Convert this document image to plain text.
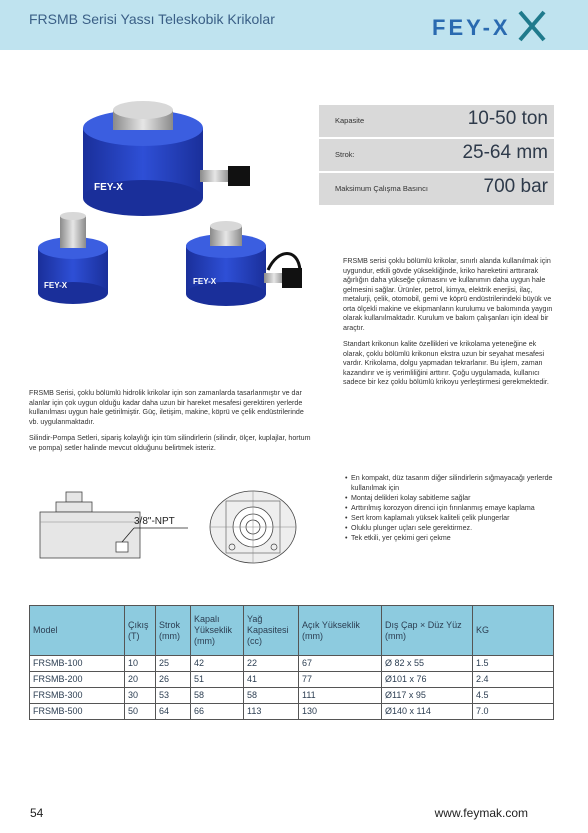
FRSMB Serisi Yassı Teleskobik Krikolar	FEY-X
FEY-X
FEY-X	FEY-X
Kapasite	10-50 ton
Strok:	25-64 mm
Maksimum Çalışma Basıncı	700 bar

FRSMB serisi çoklu bölümlü krikolar, sınırlı alanda kullanılmak için uygundur, etkili gövde yüksekliğinde, kriko hareketini arttırarak ağırlığın daha yükseğe çıkmasını ve kullanımın daha uygun hale gelmesini sağlar. Ürünler, petrol, kimya, elektrik enerjisi, ilaç, metalurji, çelik, otomobil, gemi ve köprü endüstrilerindeki büyük ve orta ölçekli makine ve ekipmanların kurulumu ve bakımında yaygın olarak kullanılmaktadır. Kurulum ve bakım çalışanları için ideal bir araçtır.

Standart krikonun kalite özellikleri ve krikolama yeteneğine ek olarak, çoklu bölümlü krikonun ekstra uzun bir seyahat mesafesi vardır. Krikolama, dolgu yapmadan tekrarlanır. Bu işlem, zaman kazandırır ve iş verimliliğini arttırır. Çoğu uygulamada, kullanıcı sadece bir kez çoklu bölümlü krikoyu yerleştirmesi gerekmektedir.

FRSMB Serisi, çoklu bölümlü hidrolik krikolar için son zamanlarda tasarlanmıştır ve dar alanlar için çok uygun olduğu kadar daha uzun bir hareket mesafesi gerektiren yerlerde kullanılması uygun hale getirilmiştir. Güç, iletişim, makine, köprü ve çelik endüstrilerinde vb. uygulanmaktadır.

Silindir-Pompa Setleri, sipariş kolaylığı için tüm silindirlerin (silindir, ölçer, kuplajlar, hortum ve pompa) setler halinde mevcut olduğunu belirtmek isteriz.

• En kompakt, düz tasarım diğer silindirlerin sığmayacağı yerlerde kullanılmak için
• Montaj delikleri kolay sabitleme sağlar
• Arttırılmış korozyon direnci için fırınlanmış emaye kaplama
• Sert krom kaplamalı yüksek kaliteli çelik plungerlar
• Oluklu plunger uçları sele gerektirmez.
• Tek etkili, yer çekimi geri çekme
3/8"-NPT
Model	Çıkış (T)	Strok (mm)	Kapalı Yükseklik (mm)	Yağ Kapasitesi (cc)	Açık Yükseklik (mm)	Dış Çap × Düz Yüz (mm)	KG
FRSMB-100	10	25	42	22	67	Ø 82 x 55	1.5
FRSMB-200	20	26	51	41	77	Ø101 x 76	2.4
FRSMB-300	30	53	58	58	111	Ø117 x 95	4.5
FRSMB-500	50	64	66	113	130	Ø140 x 114	7.0
54	www.feymak.com
